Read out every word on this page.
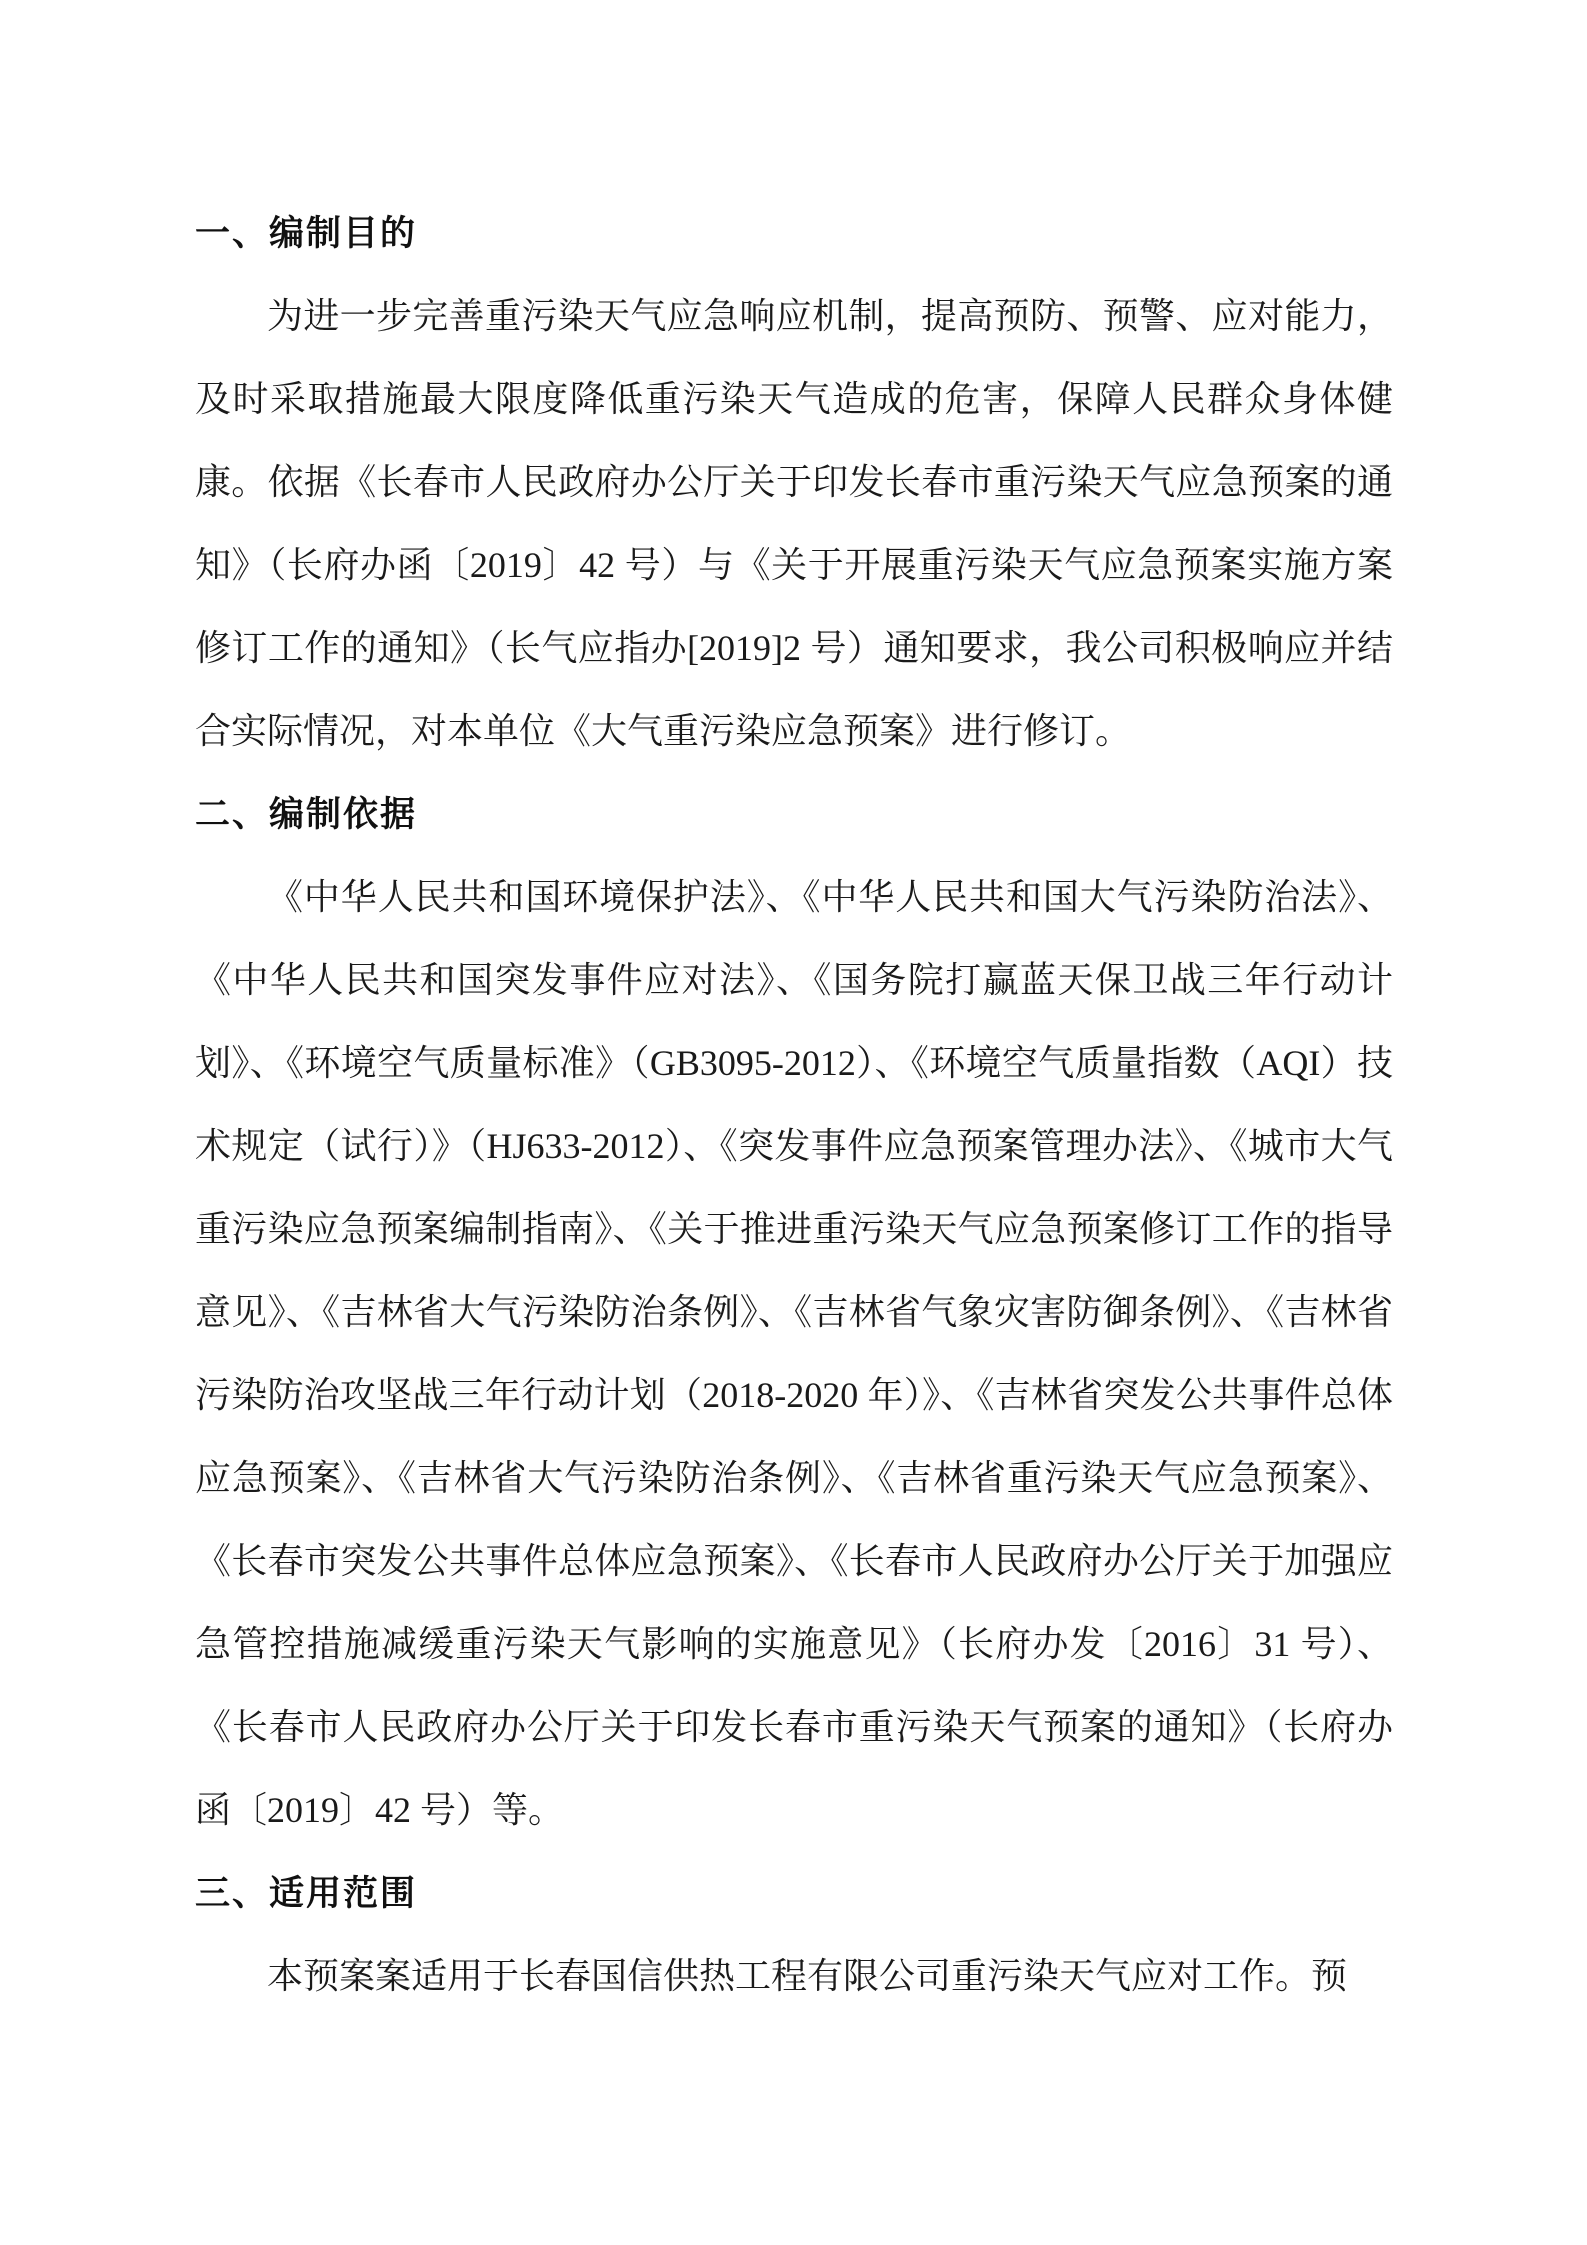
一、编制目的

为进一步完善重污染天气应急响应机制，提高预防、预警、应对能力，及时采取措施最大限度降低重污染天气造成的危害，保障人民群众身体健康。依据《长春市人民政府办公厅关于印发长春市重污染天气应急预案的通知》（长府办函〔2019〕42 号）与《关于开展重污染天气应急预案实施方案修订工作的通知》（长气应指办[2019]2 号）通知要求，我公司积极响应并结合实际情况，对本单位《大气重污染应急预案》进行修订。

二、编制依据

《中华人民共和国环境保护法》、《中华人民共和国大气污染防治法》、《中华人民共和国突发事件应对法》、《国务院打赢蓝天保卫战三年行动计划》、《环境空气质量标准》（GB3095-2012）、《环境空气质量指数（AQI）技术规定（试行）》（HJ633-2012）、《突发事件应急预案管理办法》、《城市大气重污染应急预案编制指南》、《关于推进重污染天气应急预案修订工作的指导意见》、《吉林省大气污染防治条例》、《吉林省气象灾害防御条例》、《吉林省污染防治攻坚战三年行动计划（2018-2020 年）》、《吉林省突发公共事件总体应急预案》、《吉林省大气污染防治条例》、《吉林省重污染天气应急预案》、《长春市突发公共事件总体应急预案》、《长春市人民政府办公厅关于加强应急管控措施减缓重污染天气影响的实施意见》（长府办发〔2016〕31 号）、《长春市人民政府办公厅关于印发长春市重污染天气预案的通知》（长府办函〔2019〕42 号）等。

三、适用范围

本预案案适用于长春国信供热工程有限公司重污染天气应对工作。预
